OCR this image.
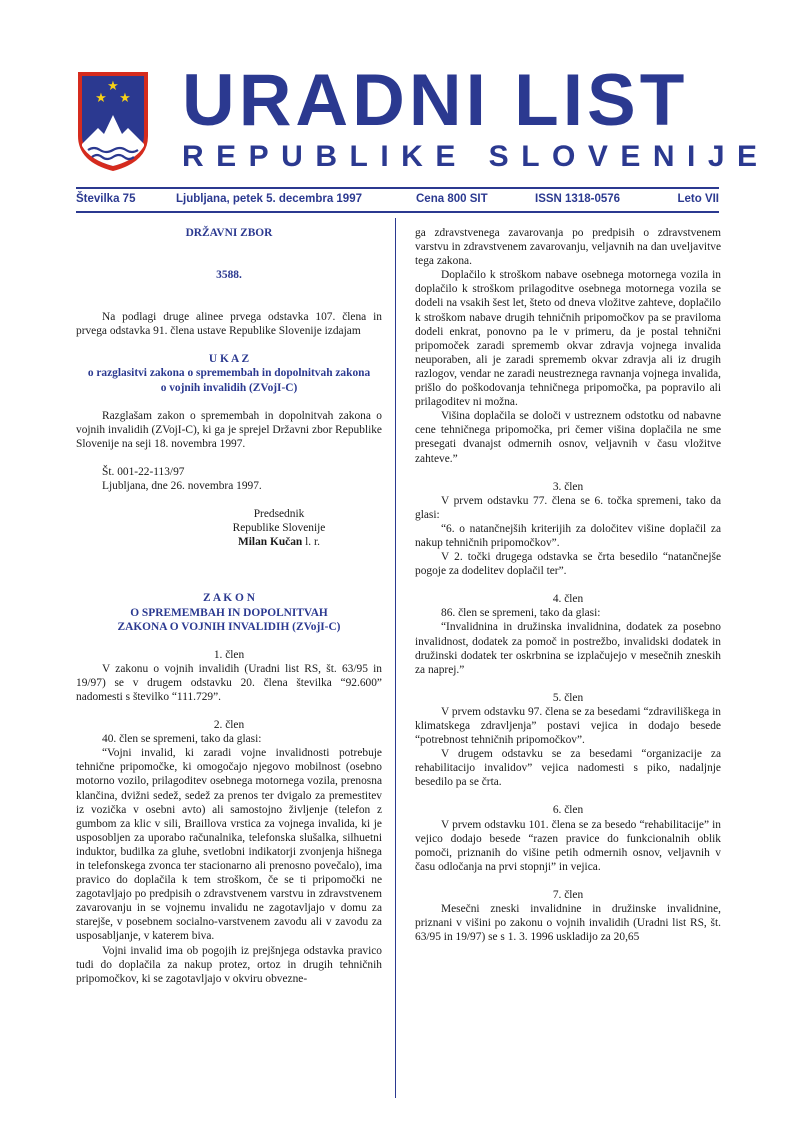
★
★ ★ URADNI LIST
REPUBLIKE SLOVENIJE
Številka 75	Ljubljana, petek 5. decembra 1997	Cena 800 SIT	ISSN 1318-0576	Leto VII

DRŽAVNI ZBOR

3588.

Na podlagi druge alinee prvega odstavka 107. člena in prvega odstavka 91. člena ustave Republike Slovenije izdajam

U K A Z

o razglasitvi zakona o spremembah in dopolnitvah zakona o vojnih invalidih (ZVojI-C)

Razglašam zakon o spremembah in dopolnitvah zakona o vojnih invalidih (ZVojI-C), ki ga je sprejel Državni zbor Republike Slovenije na seji 18. novembra 1997.

Št. 001-22-113/97

Ljubljana, dne 26. novembra 1997.

Predsednik

Republike Slovenije

Milan Kučan l. r.

Z A K O N

O SPREMEMBAH IN DOPOLNITVAH ZAKONA O VOJNIH INVALIDIH (ZVojI-C)

1. člen

V zakonu o vojnih invalidih (Uradni list RS, št. 63/95 in 19/97) se v drugem odstavku 20. člena številka “92.600” nadomesti s številko “111.729”.

2. člen

40. člen se spremeni, tako da glasi:

“Vojni invalid, ki zaradi vojne invalidnosti potrebuje tehnične pripomočke, ki omogočajo njegovo mobilnost (osebno motorno vozilo, prilagoditev osebnega motornega vozila, prenosna klančina, dvižni sedež, sedež za prenos ter dvigalo za premestitev iz vozička v osebni avto) ali samostojno življenje (telefon z gumbom za klic v sili, Braillova vrstica za vojnega invalida, ki je usposobljen za uporabo računalnika, telefonska slušalka, silhuetni induktor, budilka za gluhe, svetlobni indikatorji zvonjenja hišnega in telefonskega zvonca ter stacionarno ali prenosno povečalo), ima pravico do doplačila k tem stroškom, če se ti pripomočki ne zagotavljajo po predpisih o zdravstvenem varstvu in zdravstvenem zavarovanju in se vojnemu invalidu ne zagotavljajo v domu za starejše, v posebnem socialno-varstvenem zavodu ali v zavodu za usposabljanje, v katerem biva.

Vojni invalid ima ob pogojih iz prejšnjega odstavka pravico tudi do doplačila za nakup protez, ortoz in drugih tehničnih pripomočkov, ki se zagotavljajo v okviru obvezne-

ga zdravstvenega zavarovanja po predpisih o zdravstvenem varstvu in zdravstvenem zavarovanju, veljavnih na dan uveljavitve tega zakona.

Doplačilo k stroškom nabave osebnega motornega vozila in doplačilo k stroškom prilagoditve osebnega motornega vozila se dodeli na vsakih šest let, šteto od dneva vložitve zahteve, doplačilo k stroškom nabave drugih tehničnih pripomočkov pa se praviloma dodeli enkrat, ponovno pa le v primeru, da je postal tehnični pripomoček zaradi sprememb okvar zdravja vojnega invalida neuporaben, ali je zaradi sprememb okvar zdravja ali iz drugih razlogov, vendar ne zaradi neustreznega ravnanja vojnega invalida, prišlo do poškodovanja tehničnega pripomočka, pa popravilo ali prilagoditev ni možna.

Višina doplačila se določi v ustreznem odstotku od nabavne cene tehničnega pripomočka, pri čemer višina doplačila ne sme presegati dvanajst odmernih osnov, veljavnih v času vložitve zahteve.”

3. člen

V prvem odstavku 77. člena se 6. točka spremeni, tako da glasi:

“6. o natančnejših kriterijih za določitev višine doplačil za nakup tehničnih pripomočkov”.

V 2. točki drugega odstavka se črta besedilo “natančnejše pogoje za dodelitev doplačil ter”.

4. člen

86. člen se spremeni, tako da glasi:

“Invalidnina in družinska invalidnina, dodatek za posebno invalidnost, dodatek za pomoč in postrežbo, invalidski dodatek in družinski dodatek ter oskrbnina se izplačujejo v mesečnih zneskih za naprej.”

5. člen

V prvem odstavku 97. člena se za besedami “zdraviliškega in klimatskega zdravljenja” postavi vejica in dodajo besede “potrebnost tehničnih pripomočkov”.

V drugem odstavku se za besedami “organizacije za rehabilitacijo invalidov” vejica nadomesti s piko, nadaljnje besedilo pa se črta.

6. člen

V prvem odstavku 101. člena se za besedo “rehabilitacije” in vejico dodajo besede “razen pravice do funkcionalnih oblik pomoči, priznanih do višine petih odmernih osnov, veljavnih v času odločanja na prvi stopnji” in vejica.

7. člen

Mesečni zneski invalidnine in družinske invalidnine, priznani v višini po zakonu o vojnih invalidih (Uradni list RS, št. 63/95 in 19/97) se s 1. 3. 1996 uskladijo za 20,65
